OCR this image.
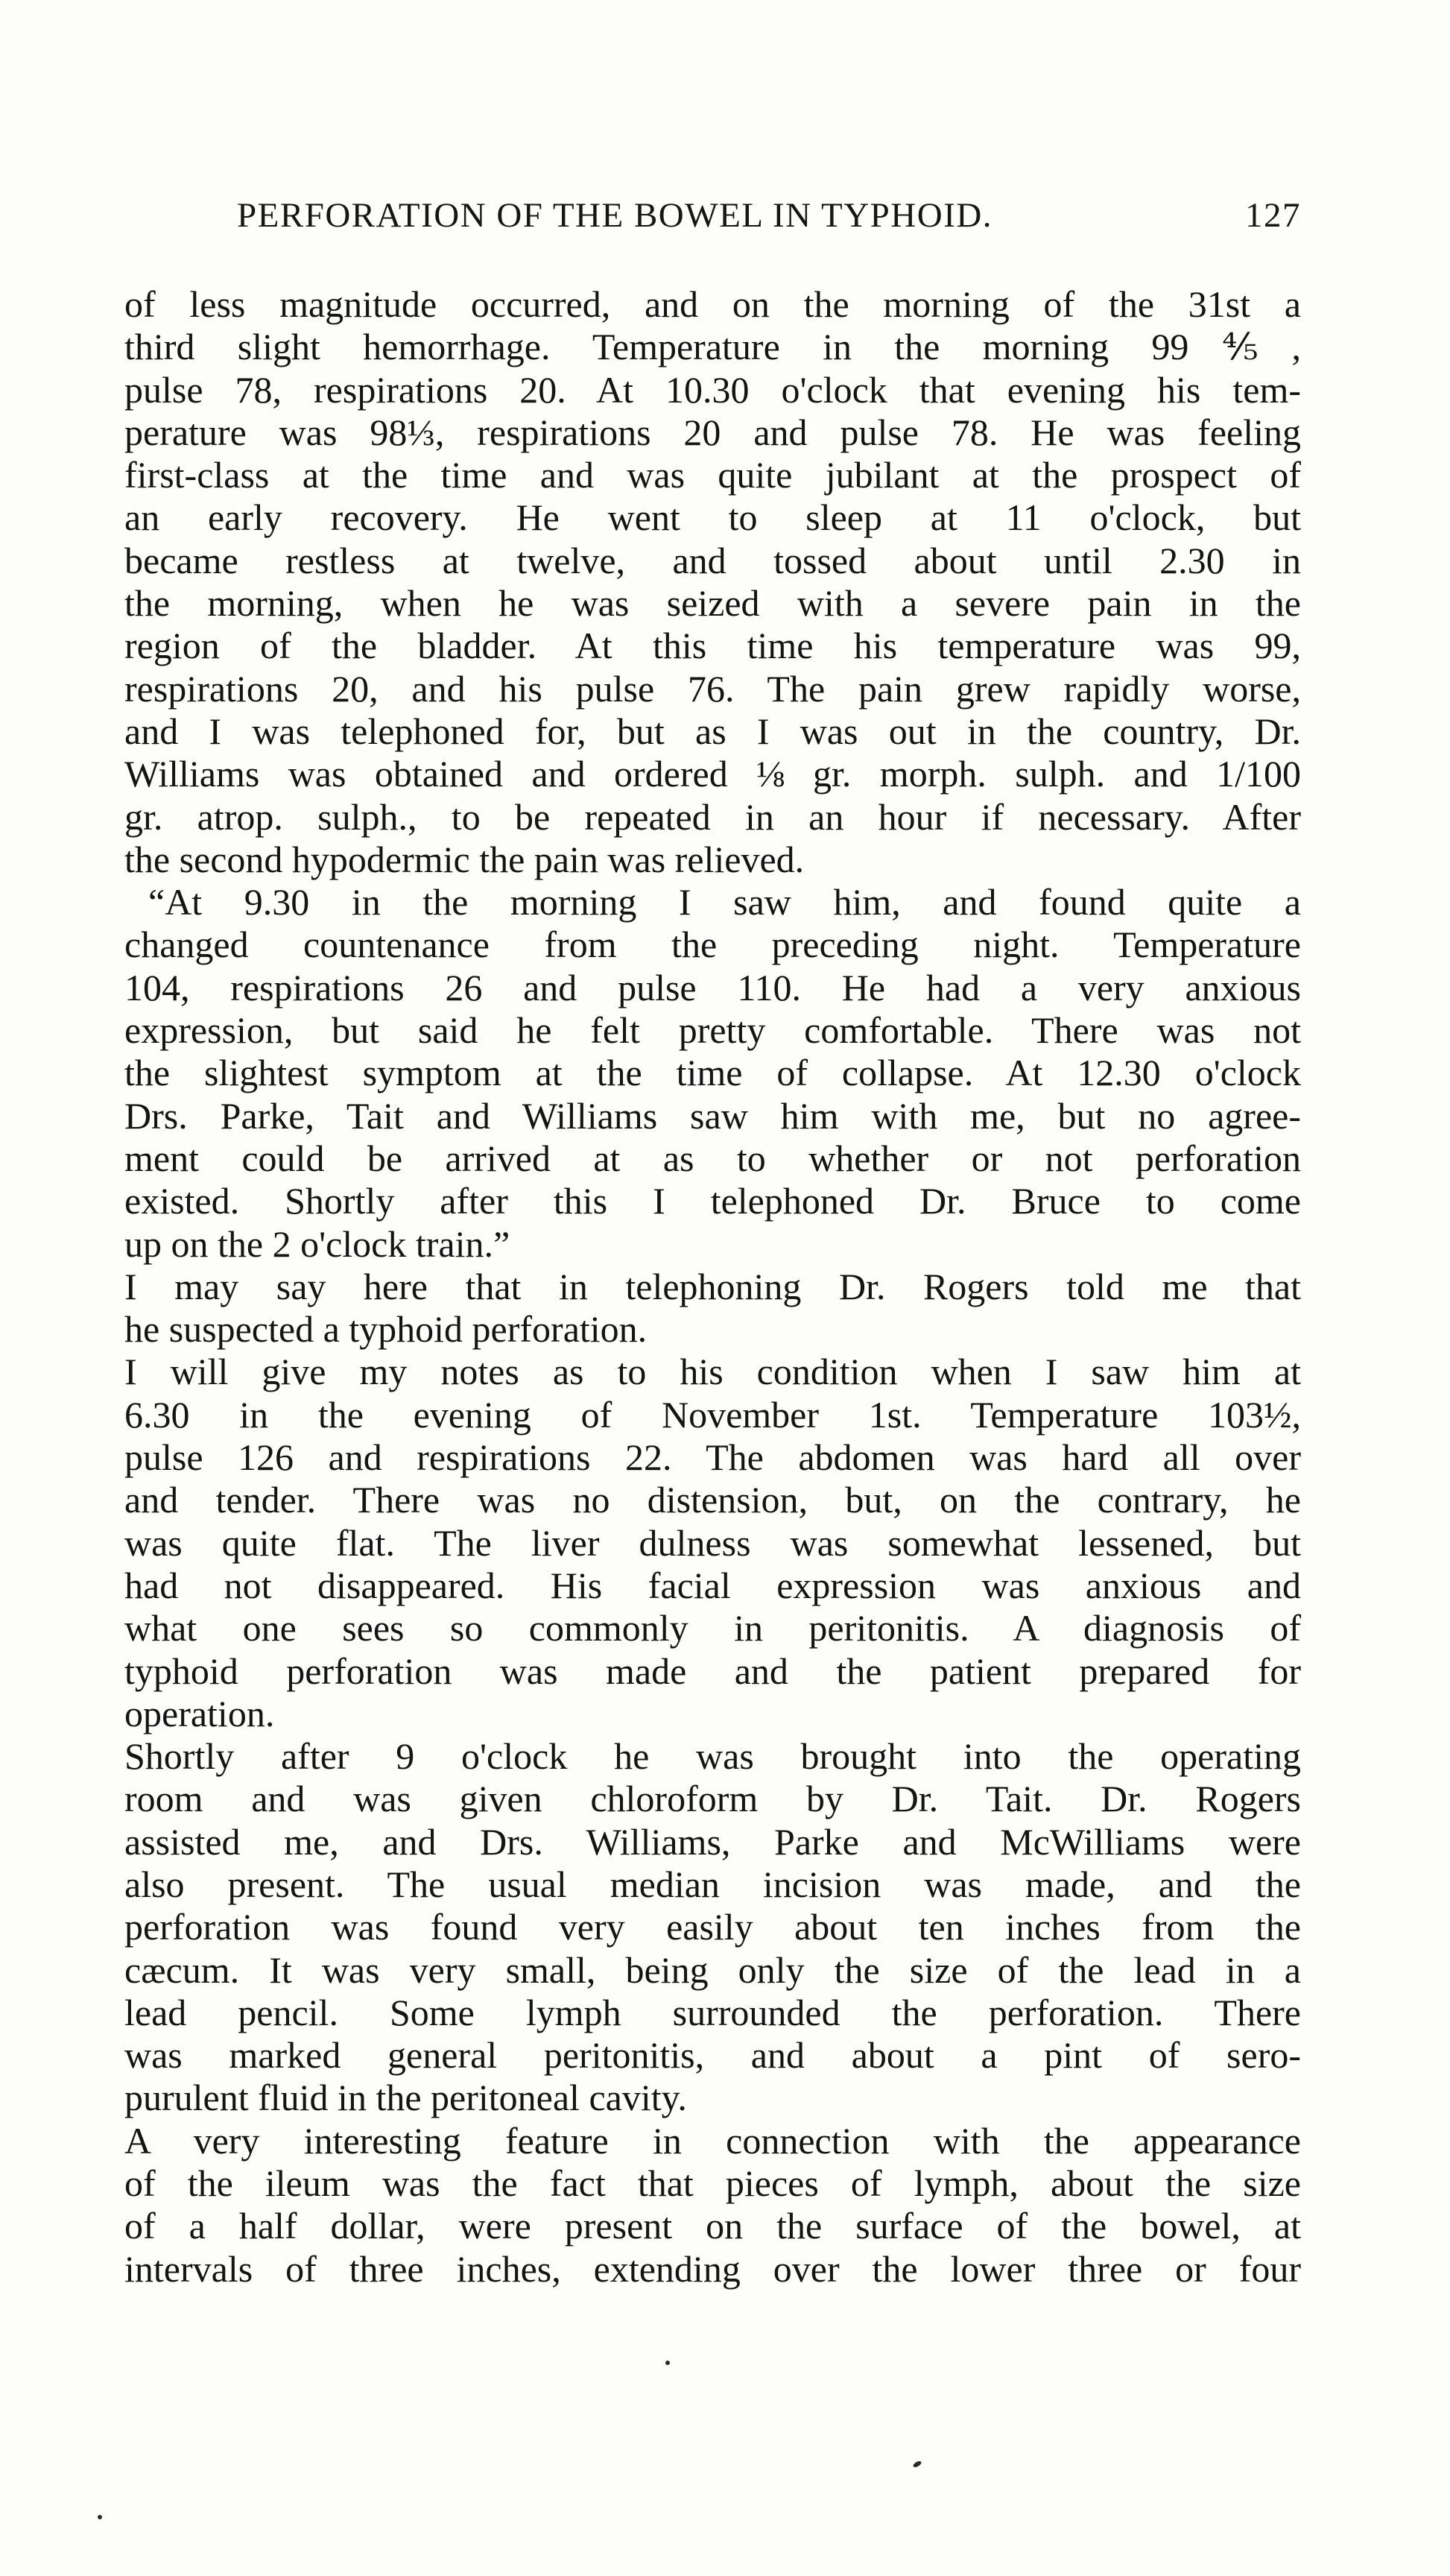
PERFORATION OF THE BOWEL IN TYPHOID.	127

of less magnitude occurred, and on the morning of the 31st a
third slight hemorrhage. Temperature in the morning 99⅘,
pulse 78, respirations 20. At 10.30 o'clock that evening his tem-
perature was 98⅓, respirations 20 and pulse 78. He was feeling
first-class at the time and was quite jubilant at the prospect of
an early recovery. He went to sleep at 11 o'clock, but
became restless at twelve, and tossed about until 2.30 in
the morning, when he was seized with a severe pain in the
region of the bladder. At this time his temperature was 99,
respirations 20, and his pulse 76. The pain grew rapidly worse,
and I was telephoned for, but as I was out in the country, Dr.
Williams was obtained and ordered ⅛ gr. morph. sulph. and 1/100
gr. atrop. sulph., to be repeated in an hour if necessary. After
the second hypodermic the pain was relieved.

“At 9.30 in the morning I saw him, and found quite a
changed countenance from the preceding night. Temperature
104, respirations 26 and pulse 110. He had a very anxious
expression, but said he felt pretty comfortable. There was not
the slightest symptom at the time of collapse. At 12.30 o'clock
Drs. Parke, Tait and Williams saw him with me, but no agree-
ment could be arrived at as to whether or not perforation
existed. Shortly after this I telephoned Dr. Bruce to come
up on the 2 o'clock train.”

I may say here that in telephoning Dr. Rogers told me that
he suspected a typhoid perforation.

I will give my notes as to his condition when I saw him at
6.30 in the evening of November 1st. Temperature 103½,
pulse 126 and respirations 22. The abdomen was hard all over
and tender. There was no distension, but, on the contrary, he
was quite flat. The liver dulness was somewhat lessened, but
had not disappeared. His facial expression was anxious and
what one sees so commonly in peritonitis. A diagnosis of
typhoid perforation was made and the patient prepared for
operation.

Shortly after 9 o'clock he was brought into the operating
room and was given chloroform by Dr. Tait. Dr. Rogers
assisted me, and Drs. Williams, Parke and McWilliams were
also present. The usual median incision was made, and the
perforation was found very easily about ten inches from the
cæcum. It was very small, being only the size of the lead in a
lead pencil. Some lymph surrounded the perforation. There
was marked general peritonitis, and about a pint of sero-
purulent fluid in the peritoneal cavity.

A very interesting feature in connection with the appearance
of the ileum was the fact that pieces of lymph, about the size
of a half dollar, were present on the surface of the bowel, at
intervals of three inches, extending over the lower three or four
